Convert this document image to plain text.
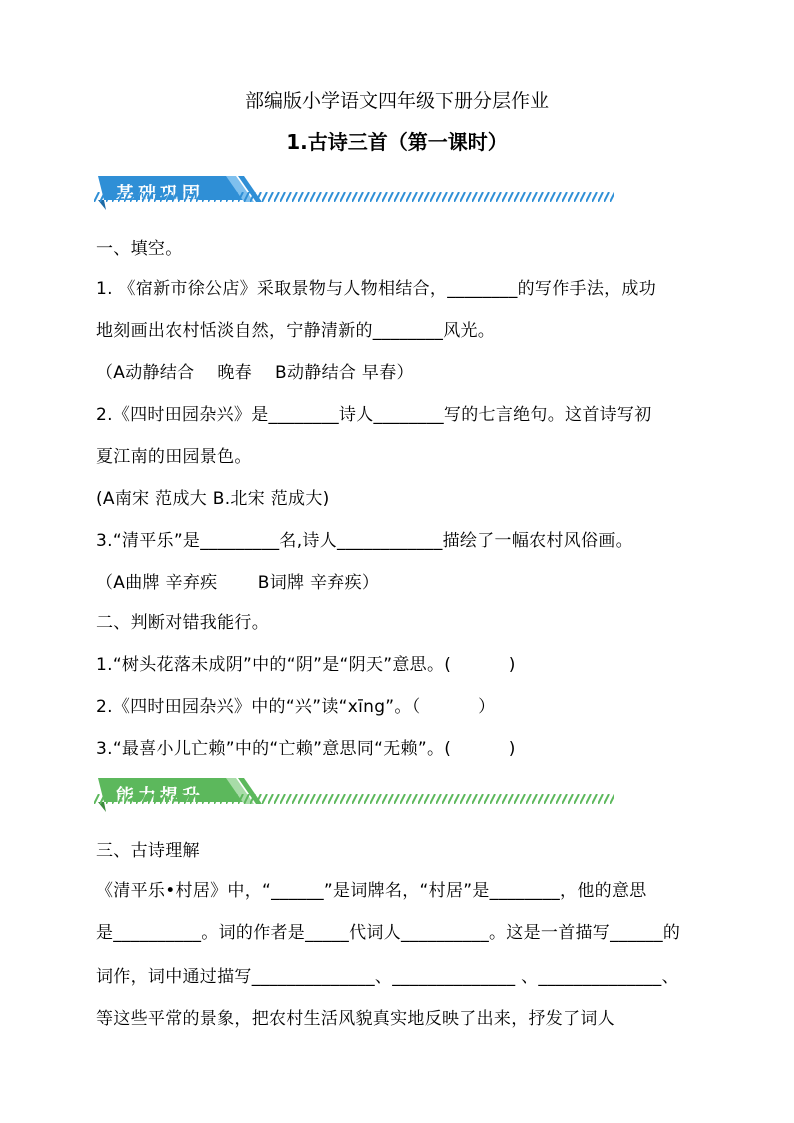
部编版小学语文四年级下册分层作业
1.古诗三首（第一课时）
一、填空。
1. 《宿新市徐公店》采取景物与人物相结合，________的写作手法，成功
地刻画出农村恬淡自然，宁静清新的________风光。
（A动静结合　 晚春　 B动静结合 早春）
2.《四时田园杂兴》是________诗人________写的七言绝句。这首诗写初
夏江南的田园景色。
(A南宋 范成大 B.北宋 范成大)
3.“清平乐”是_________名,诗人____________描绘了一幅农村风俗画。
（A曲牌 辛弃疾　　 B词牌 辛弃疾）
二、判断对错我能行。
1.“树头花落未成阴”中的“阴”是“阴天”意思。(　　　 )
2.《四时田园杂兴》中的“兴”读“xīng”。（　　　 ）
3.“最喜小儿亡赖”中的“亡赖”意思同“无赖”。(　　　 )
三、古诗理解
《清平乐•村居》中，“______”是词牌名，“村居”是________，他的意思
是__________。词的作者是_____代词人__________。这是一首描写______的
词作，词中通过描写______________、______________ 、______________、
等这些平常的景象，把农村生活风貌真实地反映了出来，抒发了词人
